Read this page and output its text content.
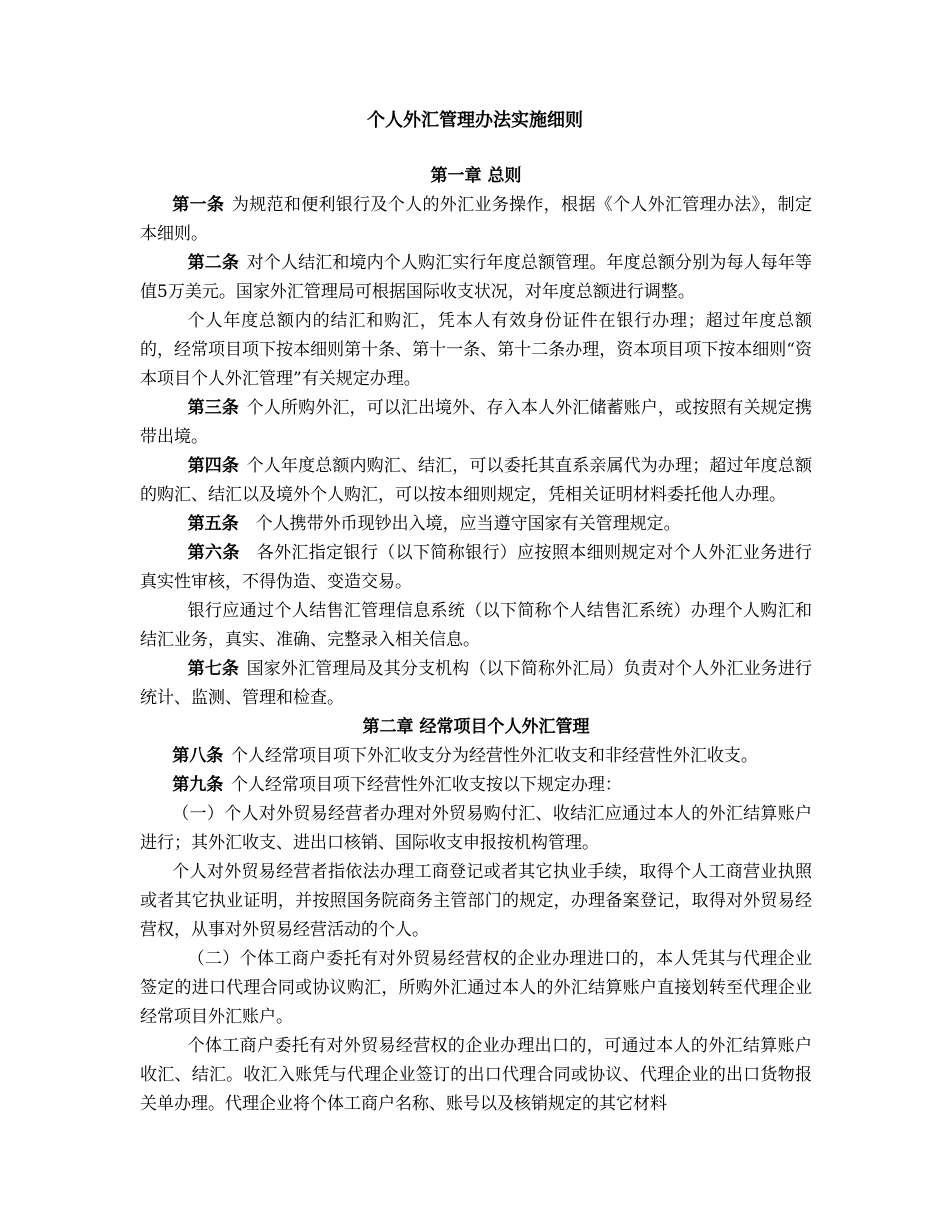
个人外汇管理办法实施细则

第一章 总则

第一条 为规范和便利银行及个人的外汇业务操作，根据《个人外汇管理办法》，制定本细则。

第二条 对个人结汇和境内个人购汇实行年度总额管理。年度总额分别为每人每年等值5万美元。国家外汇管理局可根据国际收支状况，对年度总额进行调整。

个人年度总额内的结汇和购汇，凭本人有效身份证件在银行办理；超过年度总额的，经常项目项下按本细则第十条、第十一条、第十二条办理，资本项目项下按本细则“资本项目个人外汇管理”有关规定办理。

第三条 个人所购外汇，可以汇出境外、存入本人外汇储蓄账户，或按照有关规定携带出境。

第四条 个人年度总额内购汇、结汇，可以委托其直系亲属代为办理；超过年度总额的购汇、结汇以及境外个人购汇，可以按本细则规定，凭相关证明材料委托他人办理。

第五条 个人携带外币现钞出入境，应当遵守国家有关管理规定。

第六条 各外汇指定银行（以下简称银行）应按照本细则规定对个人外汇业务进行真实性审核，不得伪造、变造交易。

银行应通过个人结售汇管理信息系统（以下简称个人结售汇系统）办理个人购汇和结汇业务，真实、准确、完整录入相关信息。

第七条 国家外汇管理局及其分支机构（以下简称外汇局）负责对个人外汇业务进行统计、监测、管理和检查。

第二章 经常项目个人外汇管理

第八条 个人经常项目项下外汇收支分为经营性外汇收支和非经营性外汇收支。

第九条 个人经常项目项下经营性外汇收支按以下规定办理：

（一）个人对外贸易经营者办理对外贸易购付汇、收结汇应通过本人的外汇结算账户进行；其外汇收支、进出口核销、国际收支申报按机构管理。

个人对外贸易经营者指依法办理工商登记或者其它执业手续，取得个人工商营业执照或者其它执业证明，并按照国务院商务主管部门的规定，办理备案登记，取得对外贸易经营权，从事对外贸易经营活动的个人。

（二）个体工商户委托有对外贸易经营权的企业办理进口的，本人凭其与代理企业签定的进口代理合同或协议购汇，所购外汇通过本人的外汇结算账户直接划转至代理企业经常项目外汇账户。

个体工商户委托有对外贸易经营权的企业办理出口的，可通过本人的外汇结算账户收汇、结汇。收汇入账凭与代理企业签订的出口代理合同或协议、代理企业的出口货物报关单办理。代理企业将个体工商户名称、账号以及核销规定的其它材料
